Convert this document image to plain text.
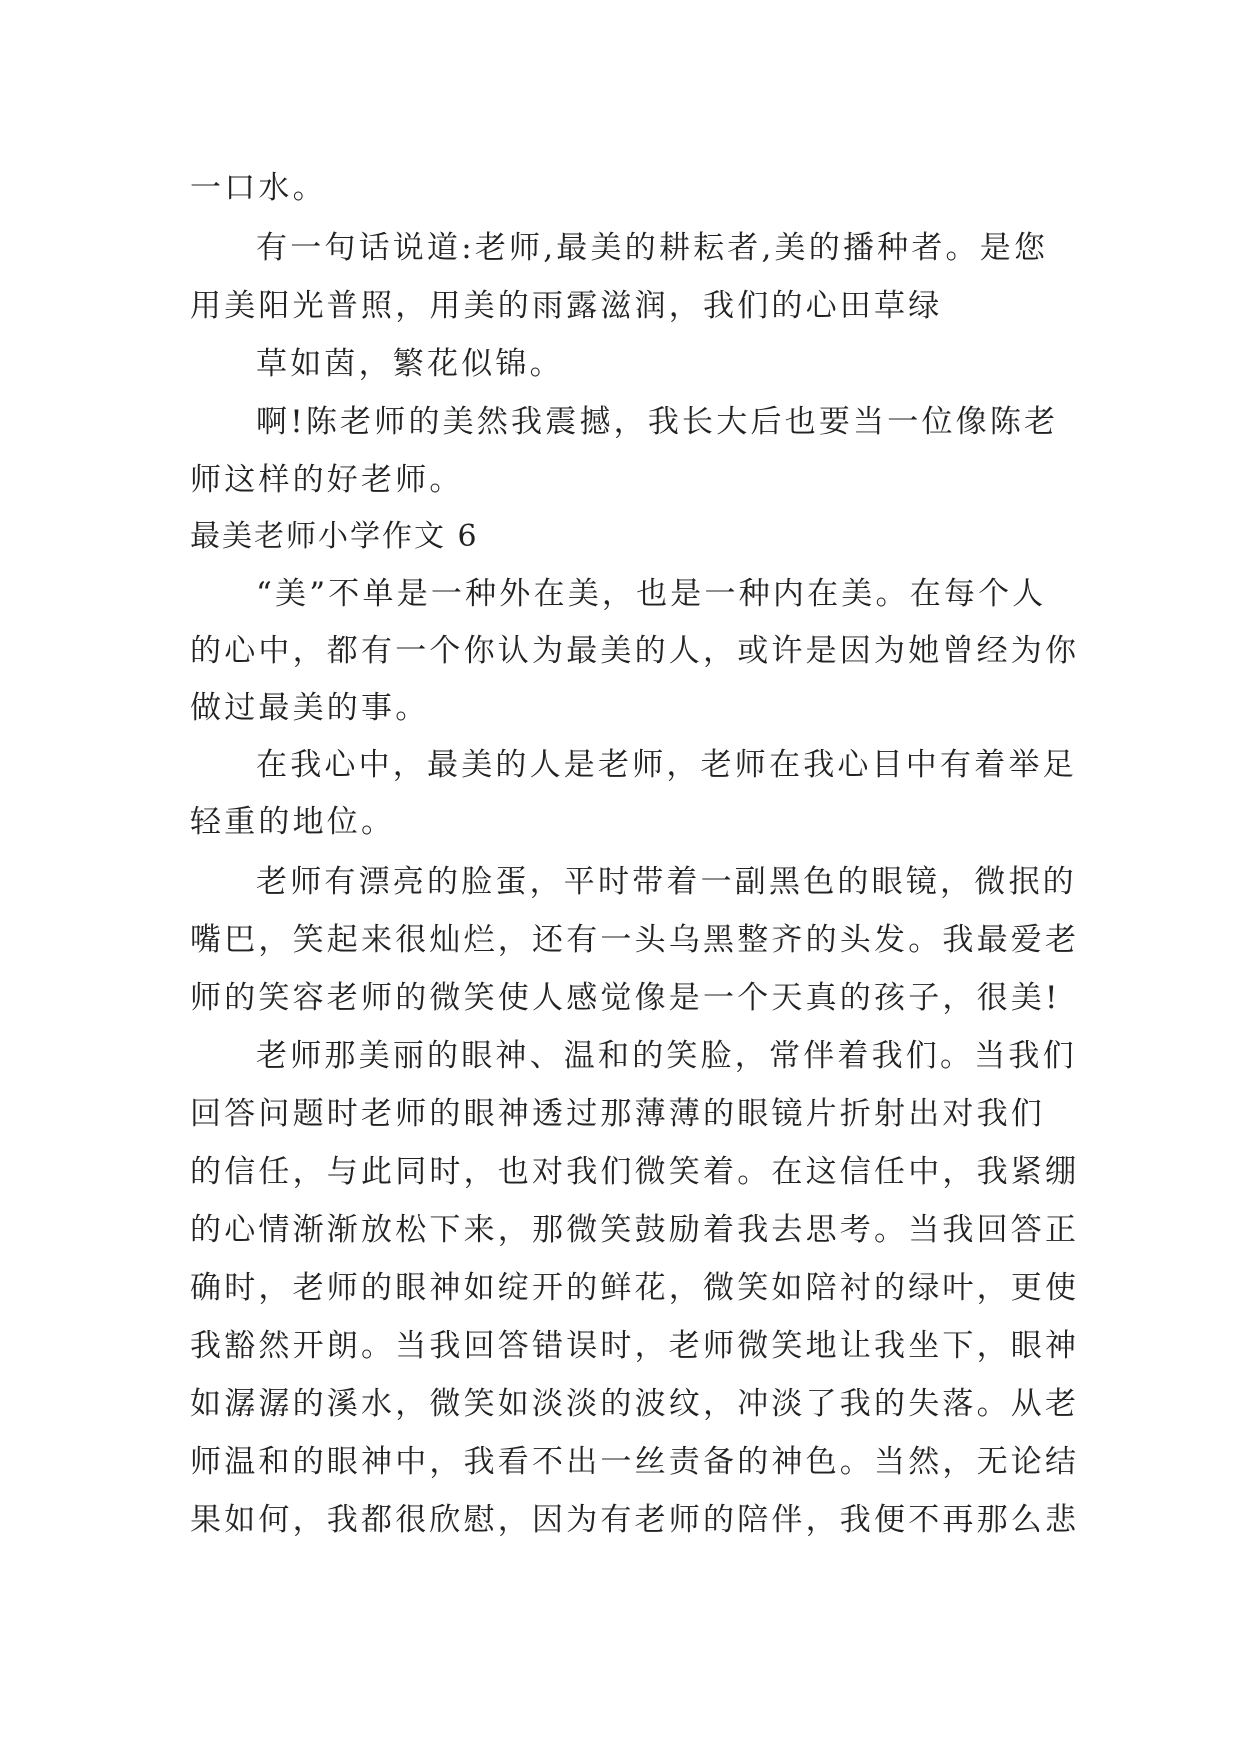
一口水。
有一句话说道:老师,最美的耕耘者,美的播种者。是您
用美阳光普照，用美的雨露滋润，我们的心田草绿
草如茵，繁花似锦。
啊!陈老师的美然我震撼，我长大后也要当一位像陈老
师这样的好老师。
最美老师小学作文 6
“美”不单是一种外在美，也是一种内在美。在每个人
的心中，都有一个你认为最美的人，或许是因为她曾经为你
做过最美的事。
在我心中，最美的人是老师，老师在我心目中有着举足
轻重的地位。
老师有漂亮的脸蛋，平时带着一副黑色的眼镜，微抿的
嘴巴，笑起来很灿烂，还有一头乌黑整齐的头发。我最爱老
师的笑容老师的微笑使人感觉像是一个天真的孩子，很美!
老师那美丽的眼神、温和的笑脸，常伴着我们。当我们
回答问题时老师的眼神透过那薄薄的眼镜片折射出对我们
的信任，与此同时，也对我们微笑着。在这信任中，我紧绷
的心情渐渐放松下来，那微笑鼓励着我去思考。当我回答正
确时，老师的眼神如绽开的鲜花，微笑如陪衬的绿叶，更使
我豁然开朗。当我回答错误时，老师微笑地让我坐下，眼神
如潺潺的溪水，微笑如淡淡的波纹，冲淡了我的失落。从老
师温和的眼神中，我看不出一丝责备的神色。当然，无论结
果如何，我都很欣慰，因为有老师的陪伴，我便不再那么悲
